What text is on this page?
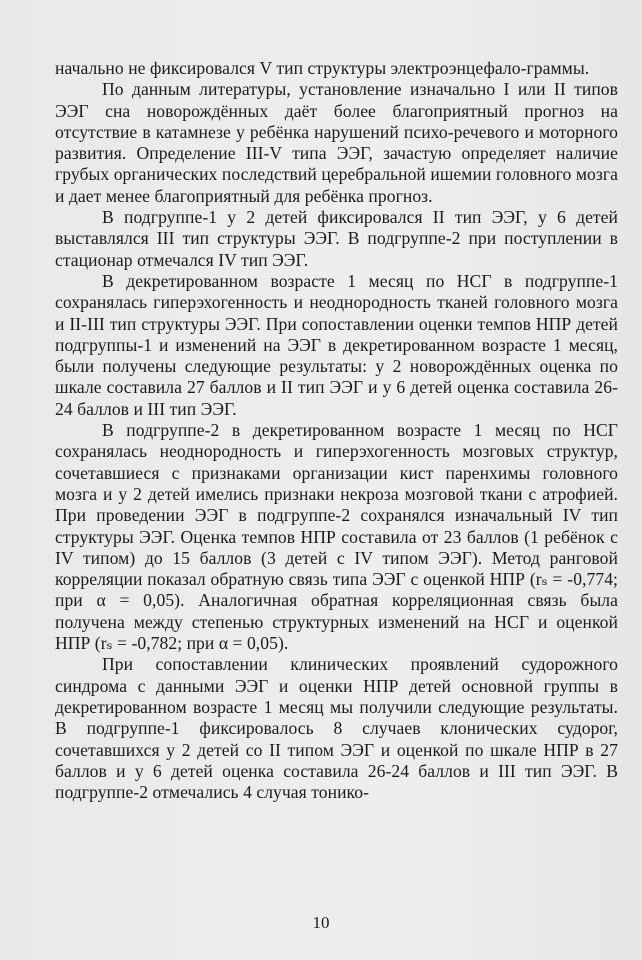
начально не фиксировался V тип структуры электроэнцефало-граммы.

По данным литературы, установление изначально I или II типов ЭЭГ сна новорождённых даёт более благоприятный прогноз на отсутствие в катамнезе у ребёнка нарушений психо-речевого и моторного развития. Определение III-V типа ЭЭГ, зачастую определяет наличие грубых органических последствий церебральной ишемии головного мозга и дает менее благоприятный для ребёнка прогноз.

В подгруппе-1 у 2 детей фиксировался II тип ЭЭГ, у 6 детей выставлялся III тип структуры ЭЭГ. В подгруппе-2 при поступлении в стационар отмечался IV тип ЭЭГ.

В декретированном возрасте 1 месяц по НСГ в подгруппе-1 сохранялась гиперэхогенность и неоднородность тканей головного мозга и II-III тип структуры ЭЭГ. При сопоставлении оценки темпов НПР детей подгруппы-1 и изменений на ЭЭГ в декретированном возрасте 1 месяц, были получены следующие результаты: у 2 новорождённых оценка по шкале составила 27 баллов и II тип ЭЭГ и у 6 детей оценка составила 26-24 баллов и III тип ЭЭГ.

В подгруппе-2 в декретированном возрасте 1 месяц по НСГ сохранялась неоднородность и гиперэхогенность мозговых структур, сочетавшиеся с признаками организации кист паренхимы головного мозга и у 2 детей имелись признаки некроза мозговой ткани с атрофией. При проведении ЭЭГ в подгруппе-2 сохранялся изначальный IV тип структуры ЭЭГ. Оценка темпов НПР составила от 23 баллов (1 ребёнок с IV типом) до 15 баллов (3 детей с IV типом ЭЭГ). Метод ранговой корреляции показал обратную связь типа ЭЭГ с оценкой НПР (rₛ = -0,774; при α = 0,05). Аналогичная обратная корреляционная связь была получена между степенью структурных изменений на НСГ и оценкой НПР (rₛ = -0,782; при α = 0,05).

При сопоставлении клинических проявлений судорожного синдрома с данными ЭЭГ и оценки НПР детей основной группы в декретированном возрасте 1 месяц мы получили следующие результаты. В подгруппе-1 фиксировалось 8 случаев клонических судорог, сочетавшихся у 2 детей со II типом ЭЭГ и оценкой по шкале НПР в 27 баллов и у 6 детей оценка составила 26-24 баллов и III тип ЭЭГ. В подгруппе-2 отмечались 4 случая тонико-

10
